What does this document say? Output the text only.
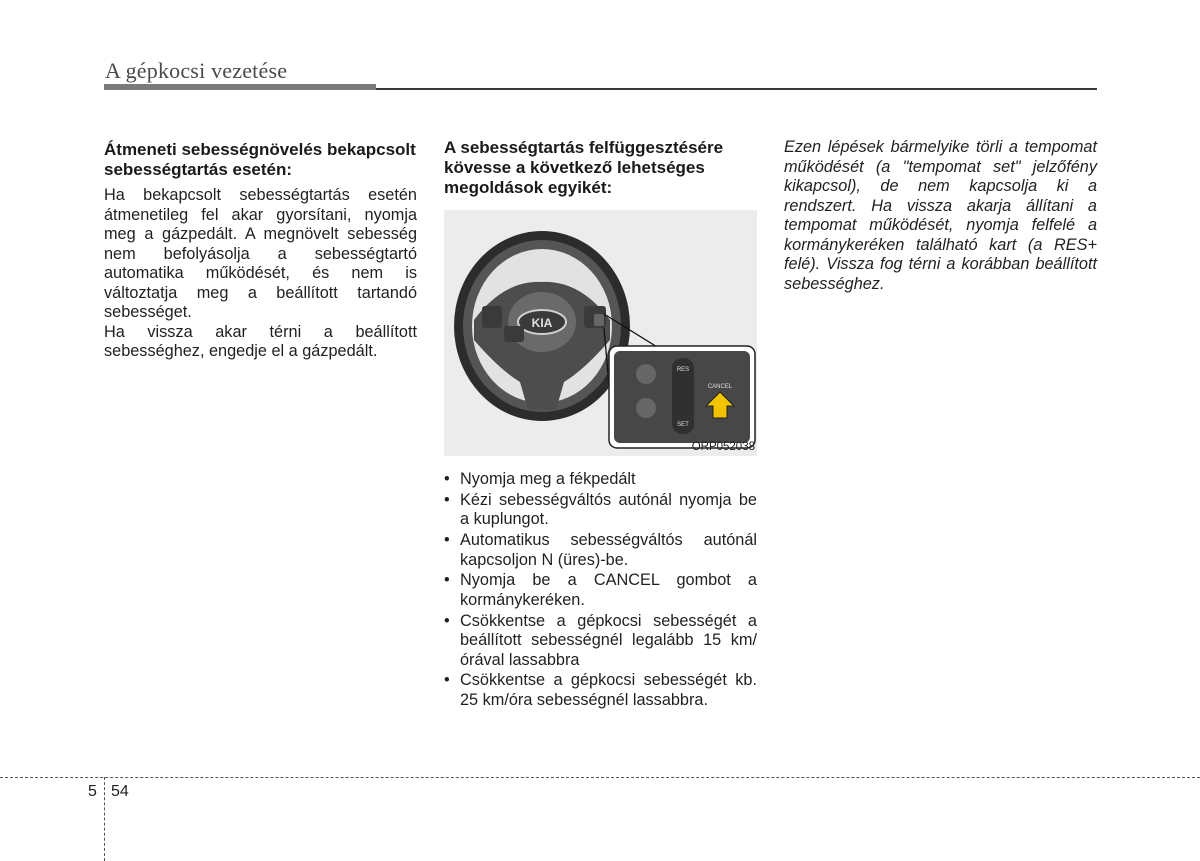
A gépkocsi vezetése
Átmeneti sebességnövelés bekapcsolt sebességtartás esetén:

Ha bekapcsolt sebességtartás esetén átmenetileg fel akar gyorsítani, nyomja meg a gázpedált. A megnövelt sebesség nem befolyásolja a sebességtartó automatika működését, és nem is változtatja meg a beállított tartandó sebességet.

Ha vissza akar térni a beállított sebességhez, engedje el a gázpedált.

A sebességtartás felfüggesztésére kövesse a következő lehetséges megoldások egyikét:
KIA
RES
SET
CANCEL
ORP052038
• Nyomja meg a fékpedált
• Kézi sebességváltós autónál nyomja be a kuplungot.
• Automatikus sebességváltós autónál kapcsoljon N (üres)-be.
• Nyomja be a CANCEL gombot a kormánykeréken.
• Csökkentse a gépkocsi sebességét a beállított sebességnél legalább 15 km/órával lassabbra
• Csökkentse a gépkocsi sebességét kb. 25 km/óra sebességnél lassabbra.

Ezen lépések bármelyike törli a tempomat működését (a "tempomat set" jelzőfény kikapcsol), de nem kapcsolja ki a rendszert. Ha vissza akarja állítani a tempomat működését, nyomja felfelé a kormánykeréken található kart (a RES+ felé). Vissza fog térni a korábban beállított sebességhez.

5 54
